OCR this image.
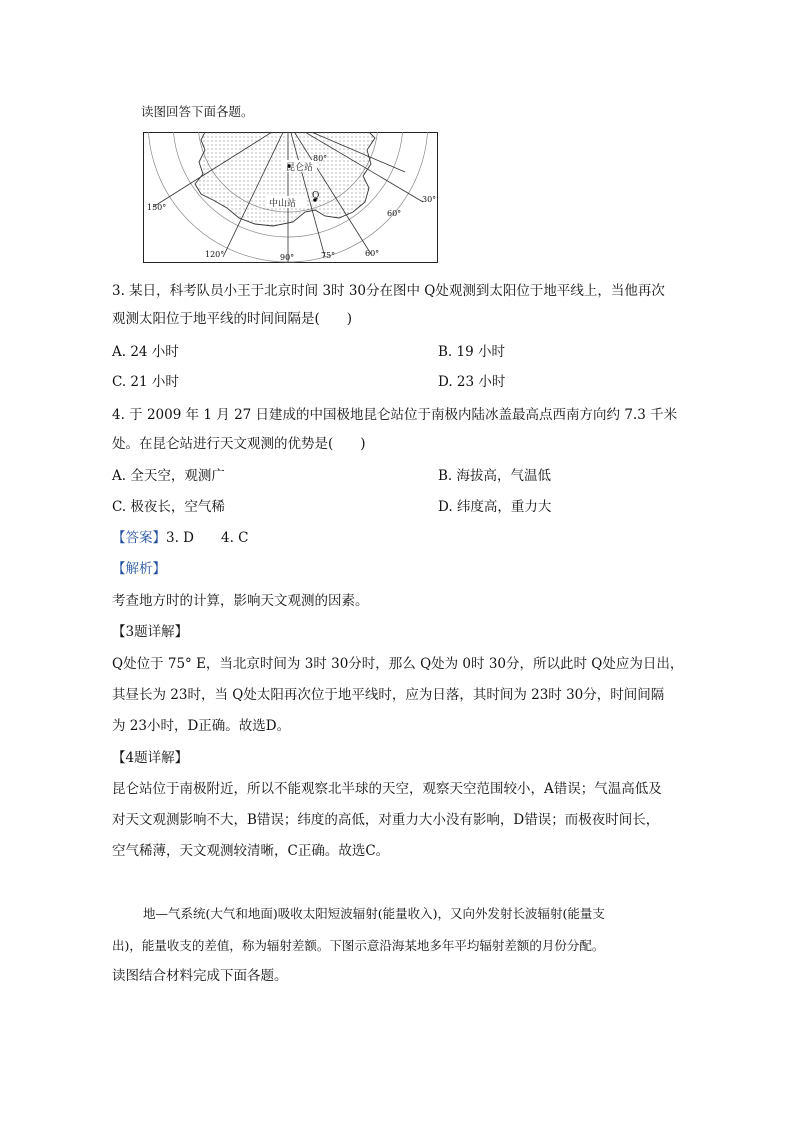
读图回答下面各题。
昆仑站
80°
中山站
Q	30°
60°
150°
120°	90°	75°	60°
3. 某日，科考队员小王于北京时间 3时 30分在图中 Q处观测到太阳位于地平线上，当他再次
观测太阳位于地平线的时间间隔是(　　)
A. 24 小时	B. 19 小时
C. 21 小时	D. 23 小时
4. 于 2009 年 1 月 27 日建成的中国极地昆仑站位于南极内陆冰盖最高点西南方向约 7.3 千米
处。在昆仑站进行天文观测的优势是(　　)
A. 全天空，观测广	B. 海拔高，气温低
C. 极夜长，空气稀	D. 纬度高，重力大
【答案】3. D　　4. C
【解析】
考查地方时的计算，影响天文观测的因素。
【3题详解】
Q处位于 75° E，当北京时间为 3时 30分时，那么 Q处为 0时 30分，所以此时 Q处应为日出，
其昼长为 23时，当 Q处太阳再次位于地平线时，应为日落，其时间为 23时 30分，时间间隔
为 23小时，D正确。故选D。
【4题详解】
昆仑站位于南极附近，所以不能观察北半球的天空，观察天空范围较小，A错误；气温高低及
对天文观测影响不大，B错误；纬度的高低，对重力大小没有影响，D错误；而极夜时间长，
空气稀薄，天文观测较清晰，C正确。故选C。
地—气系统(大气和地面)吸收太阳短波辐射(能量收入)，又向外发射长波辐射(能量支
出)，能量收支的差值，称为辐射差额。下图示意沿海某地多年平均辐射差额的月份分配。
读图结合材料完成下面各题。
